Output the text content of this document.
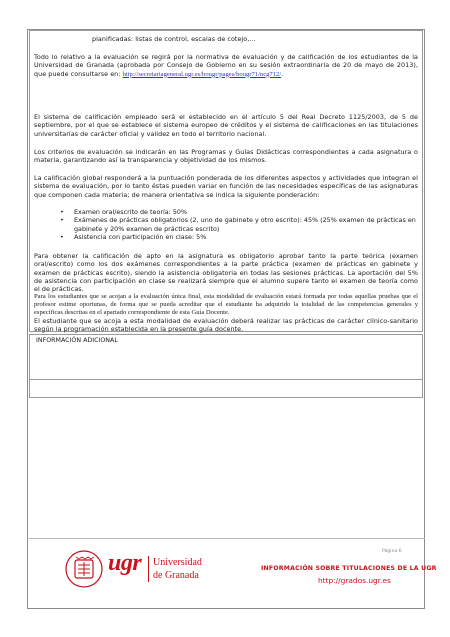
planificadas: listas de control, escalas de cotejo,...

Todo lo relativo a la evaluación se regirá por la normativa de evaluación y de calificación de los estudiantes de la Universidad de Granada (aprobada por Consejo de Gobierno en su sesión extraordinaria de 20 de mayo de 2013), que puede consultarse en: http://secretariageneral.ugr.es/bougr/pages/bougr71/ncg712/.

El sistema de calificación empleado será el establecido en el artículo 5 del Real Decreto 1125/2003, de 5 de septiembre, por el que se establece el sistema europeo de créditos y el sistema de calificaciones en las titulaciones universitarias de carácter oficial y validez en todo el territorio nacional.

Los criterios de evaluación se indicarán en las Programas y Guías Didácticas correspondientes a cada asignatura o materia, garantizando así la transparencia y objetividad de los mismos.

La calificación global responderá a la puntuación ponderada de los diferentes aspectos y actividades que integran el sistema de evaluación, por lo tanto éstas pueden variar en función de las necesidades específicas de las asignaturas que componen cada materia; de manera orientativa se indica la siguiente ponderación:

• Examen oral/escrito de teoría: 50%
• Exámenes de prácticas obligatorios (2, uno de gabinete y otro escrito): 45% (25% examen de prácticas en gabinete y 20% examen de prácticas escrito)
• Asistencia con participación en clase: 5%

Para obtener la calificación de apto en la asignatura es obligatorio aprobar tanto la parte teórica (examen oral/escrito) como los dos exámenes correspondientes a la parte práctica (examen de prácticas en gabinete y examen de prácticas escrito), siendo la asistencia obligatoria en todas las sesiones prácticas. La aportación del 5% de asistencia con participación en clase se realizará siempre que el alumno supere tanto el examen de teoría como el de prácticas.

Para los estudiantes que se acojan a la evaluación única final, esta modalidad de evaluación estará formada por todas aquellas pruebas que el profesor estime oportunas, de forma que se pueda acreditar que el estudiante ha adquirido la totalidad de las competencias generales y específicas descritas en el apartado correspondiente de esta Guía Docente.

El estudiante que se acoja a esta modalidad de evaluación deberá realizar las prácticas de carácter clínico-sanitario según la programación establecida en la presente guía docente.

INFORMACIÓN ADICIONAL
Página 6
ugr Universidad
de Granada
INFORMACIÓN SOBRE TITULACIONES DE LA UGR
http://grados.ugr.es
